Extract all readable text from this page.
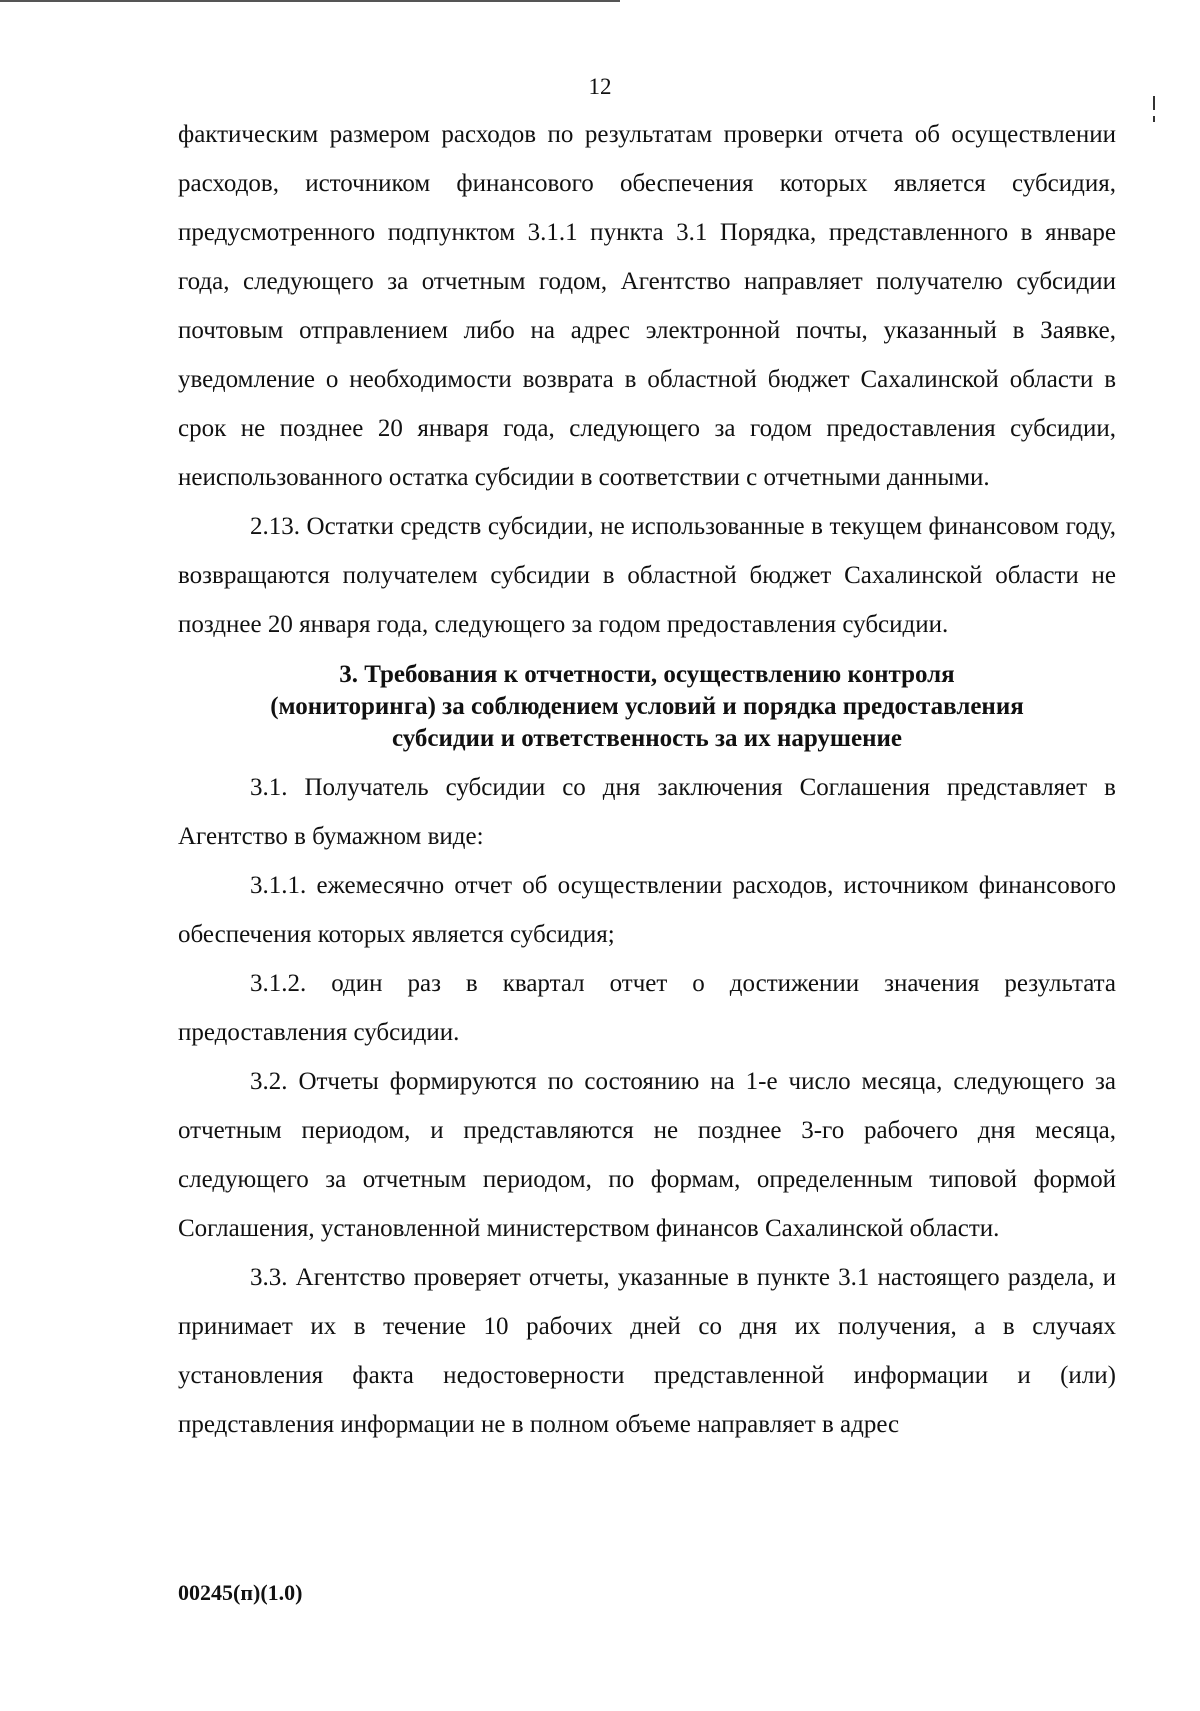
12

фактическим размером расходов по результатам проверки отчета об осуществлении расходов, источником финансового обеспечения которых является субсидия, предусмотренного подпунктом 3.1.1 пункта 3.1 Порядка, представленного в январе года, следующего за отчетным годом, Агентство направляет получателю субсидии почтовым отправлением либо на адрес электронной почты, указанный в Заявке, уведомление о необходимости возврата в областной бюджет Сахалинской области в срок не позднее 20 января года, следующего за годом предоставления субсидии, неиспользованного остатка субсидии в соответствии с отчетными данными.

2.13. Остатки средств субсидии, не использованные в текущем финансовом году, возвращаются получателем субсидии в областной бюджет Сахалинской области не позднее 20 января года, следующего за годом предоставления субсидии.

3. Требования к отчетности, осуществлению контроля
(мониторинга) за соблюдением условий и порядка предоставления
субсидии и ответственность за их нарушение

3.1. Получатель субсидии со дня заключения Соглашения представляет в Агентство в бумажном виде:

3.1.1. ежемесячно отчет об осуществлении расходов, источником финансового обеспечения которых является субсидия;

3.1.2. один раз в квартал отчет о достижении значения результата предоставления субсидии.

3.2. Отчеты формируются по состоянию на 1-е число месяца, следующего за отчетным периодом, и представляются не позднее 3-го рабочего дня месяца, следующего за отчетным периодом, по формам, определенным типовой формой Соглашения, установленной министерством финансов Сахалинской области.

3.3. Агентство проверяет отчеты, указанные в пункте 3.1 настоящего раздела, и принимает их в течение 10 рабочих дней со дня их получения, а в случаях установления факта недостоверности представленной информации и (или) представления информации не в полном объеме направляет в адрес

00245(п)(1.0)
